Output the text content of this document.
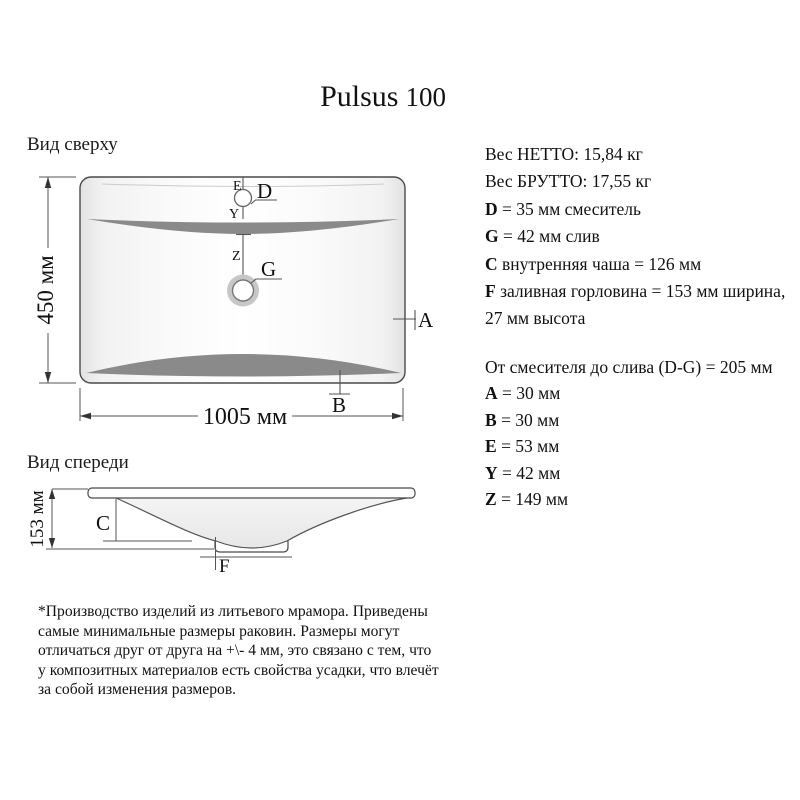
Pulsus 100
Вид сверху
E D
Y
Z
G
A
B
450 мм
1005 мм
Вид спереди
C
153 мм
F
Вес НЕТТО: 15,84 кг
Вес БРУТТО: 17,55 кг
D = 35 мм смеситель
G = 42 мм слив
C внутренняя чаша = 126 мм
F заливная горловина = 153 мм ширина,
27 мм высота
От смесителя до слива (D-G) = 205 мм
A = 30 мм
B = 30 мм
E = 53 мм
Y = 42 мм
Z = 149 мм
*Производство изделий из литьевого мрамора. Приведены
самые минимальные размеры раковин. Размеры могут
отличаться друг от друга на +\- 4 мм, это связано с тем, что
у композитных материалов есть свойства усадки, что влечёт
за собой изменения размеров.
